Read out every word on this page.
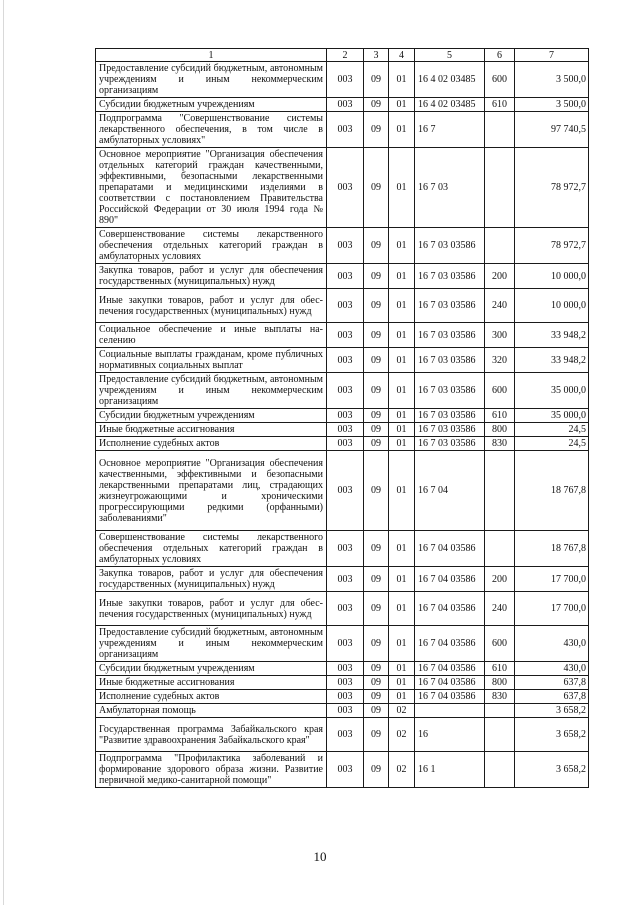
1	2	3	4	5	6	7
Предоставление субсидий бюджетным, автономным учреждениям и иным некоммерческим организациям	003	09	01	16 4 02 03485	600	3 500,0
Субсидии бюджетным учреждениям	003	09	01	16 4 02 03485	610	3 500,0
Подпрограмма "Совершенствование системы лекарственного обеспечения, в том числе в амбулаторных условиях"	003	09	01	16 7		97 740,5
Основное мероприятие "Организация обеспечения отдельных категорий граждан качественными, эффективными, безопасными лекарственными препаратами и медицинскими изделиями в соответствии с постановлением Правительства Российской Федерации от 30 июля 1994 года № 890"	003	09	01	16 7 03		78 972,7
Совершенствование системы лекарственного обеспечения отдельных категорий граждан в амбулаторных условиях	003	09	01	16 7 03 03586		78 972,7
Закупка товаров, работ и услуг для обеспечения государственных (муниципальных) нужд	003	09	01	16 7 03 03586	200	10 000,0
Иные закупки товаров, работ и услуг для обеспечения государственных (муниципальных) нужд	003	09	01	16 7 03 03586	240	10 000,0
Социальное обеспечение и иные выплаты населению	003	09	01	16 7 03 03586	300	33 948,2
Социальные выплаты гражданам, кроме публичных нормативных социальных выплат	003	09	01	16 7 03 03586	320	33 948,2
Предоставление субсидий бюджетным, автономным учреждениям и иным некоммерческим организациям	003	09	01	16 7 03 03586	600	35 000,0
Субсидии бюджетным учреждениям	003	09	01	16 7 03 03586	610	35 000,0
Иные бюджетные ассигнования	003	09	01	16 7 03 03586	800	24,5
Исполнение судебных актов	003	09	01	16 7 03 03586	830	24,5
Основное мероприятие "Организация обеспечения качественными, эффективными и безопасными лекарственными препаратами лиц, страдающих жизнеугрожающими и хроническими прогрессирующими редкими (орфанными) заболеваниями"	003	09	01	16 7 04		18 767,8
Совершенствование системы лекарственного обеспечения отдельных категорий граждан в амбулаторных условиях	003	09	01	16 7 04 03586		18 767,8
Закупка товаров, работ и услуг для обеспечения государственных (муниципальных) нужд	003	09	01	16 7 04 03586	200	17 700,0
Иные закупки товаров, работ и услуг для обеспечения государственных (муниципальных) нужд	003	09	01	16 7 04 03586	240	17 700,0
Предоставление субсидий бюджетным, автономным учреждениям и иным некоммерческим организациям	003	09	01	16 7 04 03586	600	430,0
Субсидии бюджетным учреждениям	003	09	01	16 7 04 03586	610	430,0
Иные бюджетные ассигнования	003	09	01	16 7 04 03586	800	637,8
Исполнение судебных актов	003	09	01	16 7 04 03586	830	637,8
Амбулаторная помощь	003	09	02			3 658,2
Государственная программа Забайкальского края "Развитие здравоохранения Забайкальского края"	003	09	02	16		3 658,2
Подпрограмма "Профилактика заболеваний и формирование здорового образа жизни. Развитие первичной медико-санитарной помощи"	003	09	02	16 1		3 658,2
10
